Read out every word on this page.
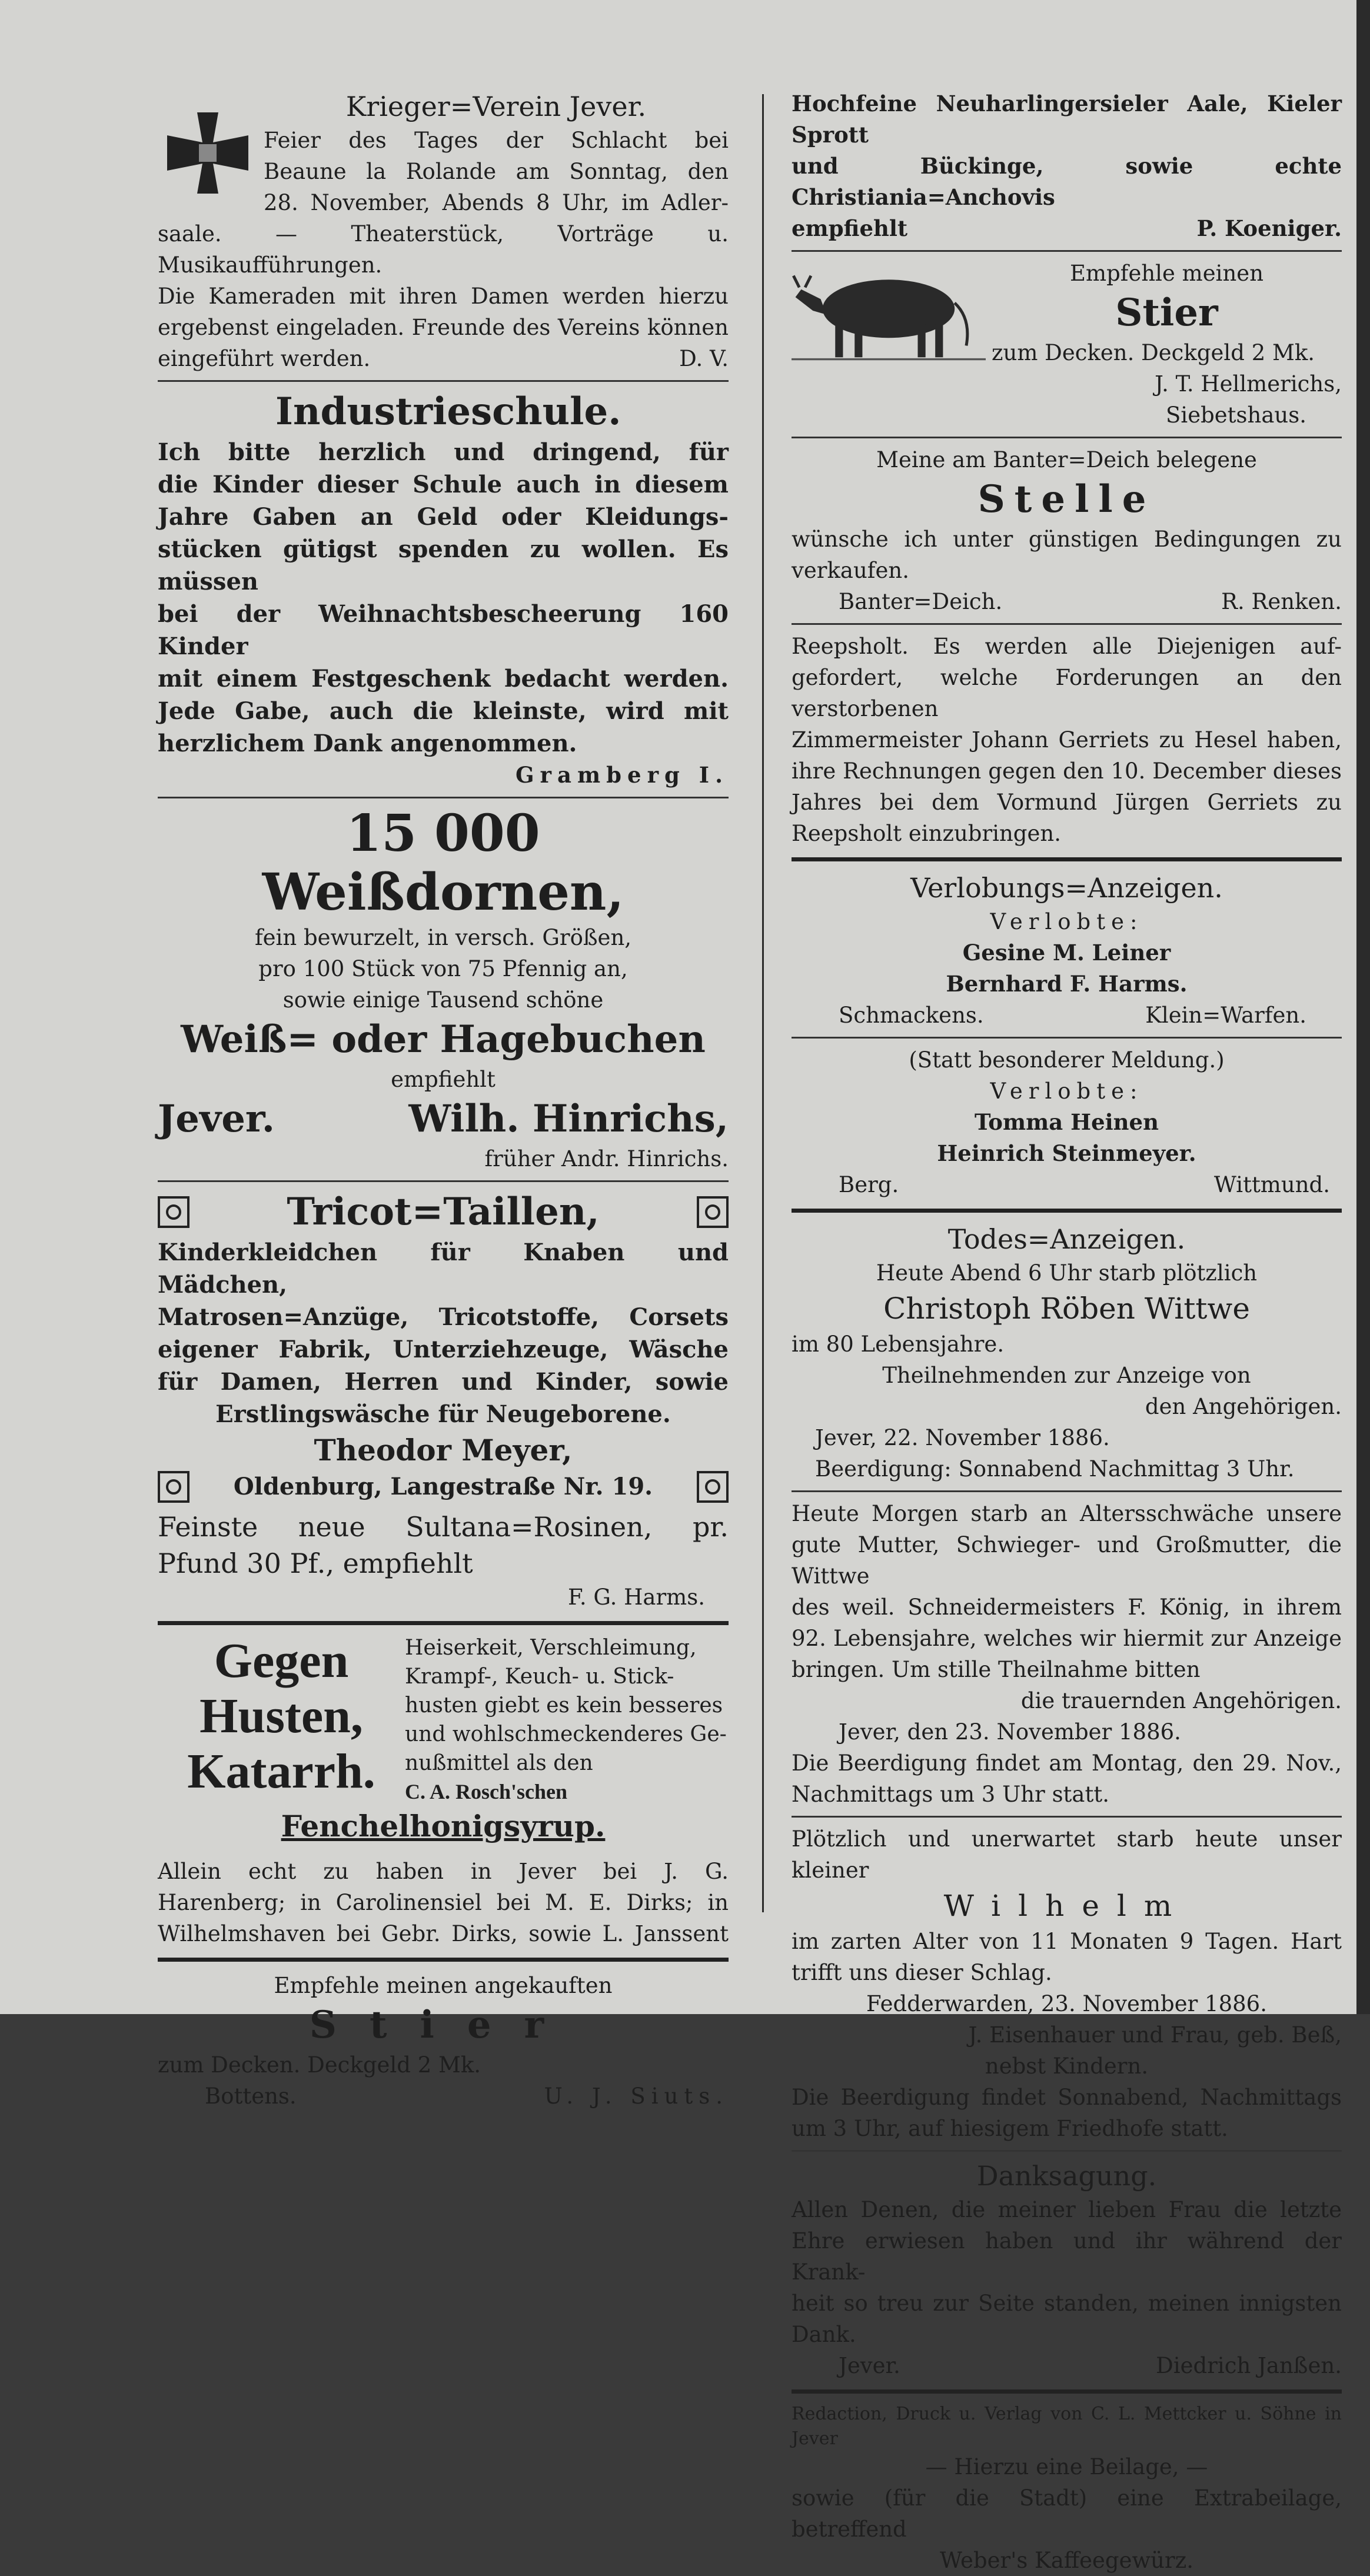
Krieger=Verein Jever.

Feier des Tages der Schlacht bei

Beaune la Rolande am Sonntag, den

28. November, Abends 8 Uhr, im Adler-

saale. — Theaterstück, Vorträge u. Musikaufführungen.

Die Kameraden mit ihren Damen werden hierzu

ergebenst eingeladen. Freunde des Vereins können

eingeführt werden.	D. V.

Industrieschule.

Ich bitte herzlich und dringend, für

die Kinder dieser Schule auch in diesem

Jahre Gaben an Geld oder Kleidungs-

stücken gütigst spenden zu wollen. Es müssen

bei der Weihnachtsbescheerung 160 Kinder

mit einem Festgeschenk bedacht werden.

Jede Gabe, auch die kleinste, wird mit

herzlichem Dank angenommen.

Gramberg I.

15 000 Weißdornen,

fein bewurzelt, in versch. Größen,

pro 100 Stück von 75 Pfennig an,

sowie einige Tausend schöne

Weiß= oder Hagebuchen

empfiehlt

Jever.	Wilh. Hinrichs,

früher Andr. Hinrichs.

Tricot=Taillen,

Kinderkleidchen für Knaben und Mädchen,

Matrosen=Anzüge, Tricotstoffe, Corsets

eigener Fabrik, Unterziehzeuge, Wäsche

für Damen, Herren und Kinder, sowie

Erstlingswäsche für Neugeborene.

Theodor Meyer,

Oldenburg, Langestraße Nr. 19.

Feinste neue Sultana=Rosinen, pr.

Pfund 30 Pf., empfiehlt

F. G. Harms.

Gegen

Husten,

Katarrh.

Heiserkeit, Verschleimung,

Krampf-, Keuch- u. Stick-

husten giebt es kein besseres

und wohlschmeckenderes Ge-

nußmittel als den

C. A. Rosch'schen

Fenchelhonigsyrup.

Allein echt zu haben in Jever bei J. G.

Harenberg; in Carolinensiel bei M. E. Dirks; in

Wilhelmshaven bei Gebr. Dirks, sowie L. Janssent

Empfehle meinen angekauften

Stier

zum Decken. Deckgeld 2 Mk.

Bottens.	U. J. Siuts.

Hochfeine Neuharlingersieler Aale, Kieler Sprott

und Bückinge, sowie echte Christiania=Anchovis

empfiehlt	P. Koeniger.

Empfehle meinen

Stier

zum Decken. Deckgeld 2 Mk.

J. T. Hellmerichs,

Siebetshaus.

Meine am Banter=Deich belegene

Stelle

wünsche ich unter günstigen Bedingungen zu verkaufen.

Banter=Deich.	R. Renken.

Reepsholt. Es werden alle Diejenigen auf-

gefordert, welche Forderungen an den verstorbenen

Zimmermeister Johann Gerriets zu Hesel haben,

ihre Rechnungen gegen den 10. December dieses

Jahres bei dem Vormund Jürgen Gerriets zu

Reepsholt einzubringen.

Verlobungs=Anzeigen.

Verlobte:

Gesine M. Leiner

Bernhard F. Harms.

Schmackens.	Klein=Warfen.

(Statt besonderer Meldung.)

Verlobte:

Tomma Heinen

Heinrich Steinmeyer.

Berg.	Wittmund.

Todes=Anzeigen.

Heute Abend 6 Uhr starb plötzlich

Christoph Röben Wittwe

im 80 Lebensjahre.

Theilnehmenden zur Anzeige von

den Angehörigen.

Jever, 22. November 1886.

Beerdigung: Sonnabend Nachmittag 3 Uhr.

Heute Morgen starb an Altersschwäche unsere

gute Mutter, Schwieger- und Großmutter, die Wittwe

des weil. Schneidermeisters F. König, in ihrem

92. Lebensjahre, welches wir hiermit zur Anzeige

bringen. Um stille Theilnahme bitten

die trauernden Angehörigen.

Jever, den 23. November 1886.

Die Beerdigung findet am Montag, den 29. Nov.,

Nachmittags um 3 Uhr statt.

Plötzlich und unerwartet starb heute unser kleiner

Wilhelm

im zarten Alter von 11 Monaten 9 Tagen. Hart

trifft uns dieser Schlag.

Fedderwarden, 23. November 1886.

J. Eisenhauer und Frau, geb. Beß,

nebst Kindern.

Die Beerdigung findet Sonnabend, Nachmittags

um 3 Uhr, auf hiesigem Friedhofe statt.

Danksagung.

Allen Denen, die meiner lieben Frau die letzte

Ehre erwiesen haben und ihr während der Krank-

heit so treu zur Seite standen, meinen innigsten Dank.

Jever.	Diedrich Janßen.

Redaction, Druck u. Verlag von C. L. Mettcker u. Söhne in Jever

— Hierzu eine Beilage, —

sowie (für die Stadt) eine Extrabeilage, betreffend

Weber's Kaffeegewürz.
